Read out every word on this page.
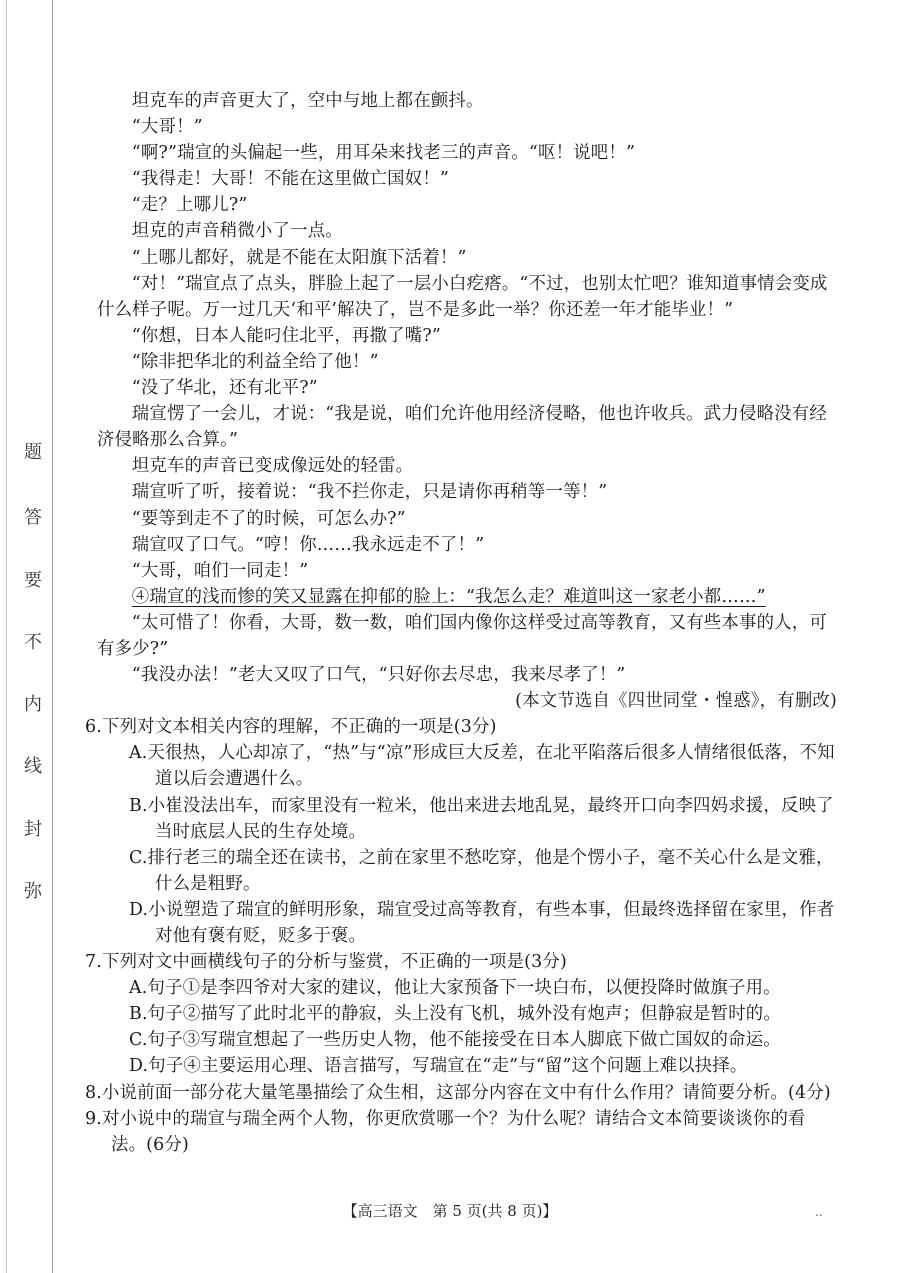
题
答
要
不
内
线
封
弥

坦克车的声音更大了，空中与地上都在颤抖。

“大哥！”

“啊?”瑞宣的头偏起一些，用耳朵来找老三的声音。“呕！说吧！”

“我得走！大哥！不能在这里做亡国奴！”

“走？上哪儿?”

坦克的声音稍微小了一点。

“上哪儿都好，就是不能在太阳旗下活着！”

“对！”瑞宣点了点头，胖脸上起了一层小白疙瘩。“不过，也别太忙吧？谁知道事情会变成什么样子呢。万一过几天‘和平’解决了，岂不是多此一举？你还差一年才能毕业！”

“你想，日本人能叼住北平，再撒了嘴?”

“除非把华北的利益全给了他！”

“没了华北，还有北平?”

瑞宣愣了一会儿，才说：“我是说，咱们允许他用经济侵略，他也许收兵。武力侵略没有经济侵略那么合算。”

坦克车的声音已变成像远处的轻雷。

瑞宣听了听，接着说：“我不拦你走，只是请你再稍等一等！”

“要等到走不了的时候，可怎么办?”

瑞宣叹了口气。“哼！你……我永远走不了！”

“大哥，咱们一同走！”

④瑞宣的浅而惨的笑又显露在抑郁的脸上：“我怎么走？难道叫这一家老小都……”

“太可惜了！你看，大哥，数一数，咱们国内像你这样受过高等教育，又有些本事的人，可有多少?”

“我没办法！”老大又叹了口气，“只好你去尽忠，我来尽孝了！”

(本文节选自《四世同堂・惶惑》，有删改)

6.下列对文本相关内容的理解，不正确的一项是(3分)

A.天很热，人心却凉了，“热”与“凉”形成巨大反差，在北平陷落后很多人情绪很低落，不知道以后会遭遇什么。

B.小崔没法出车，而家里没有一粒米，他出来进去地乱晃，最终开口向李四妈求援，反映了当时底层人民的生存处境。

C.排行老三的瑞全还在读书，之前在家里不愁吃穿，他是个愣小子，毫不关心什么是文雅，什么是粗野。

D.小说塑造了瑞宣的鲜明形象，瑞宣受过高等教育，有些本事，但最终选择留在家里，作者对他有褒有贬，贬多于褒。

7.下列对文中画横线句子的分析与鉴赏，不正确的一项是(3分)

A.句子①是李四爷对大家的建议，他让大家预备下一块白布，以便投降时做旗子用。

B.句子②描写了此时北平的静寂，头上没有飞机，城外没有炮声；但静寂是暂时的。

C.句子③写瑞宣想起了一些历史人物，他不能接受在日本人脚底下做亡国奴的命运。

D.句子④主要运用心理、语言描写，写瑞宣在“走”与“留”这个问题上难以抉择。

8.小说前面一部分花大量笔墨描绘了众生相，这部分内容在文中有什么作用？请简要分析。(4分)

9.对小说中的瑞宣与瑞全两个人物，你更欣赏哪一个？为什么呢？请结合文本简要谈谈你的看法。(6分)

【高三语文　第 5 页(共 8 页)】	..
